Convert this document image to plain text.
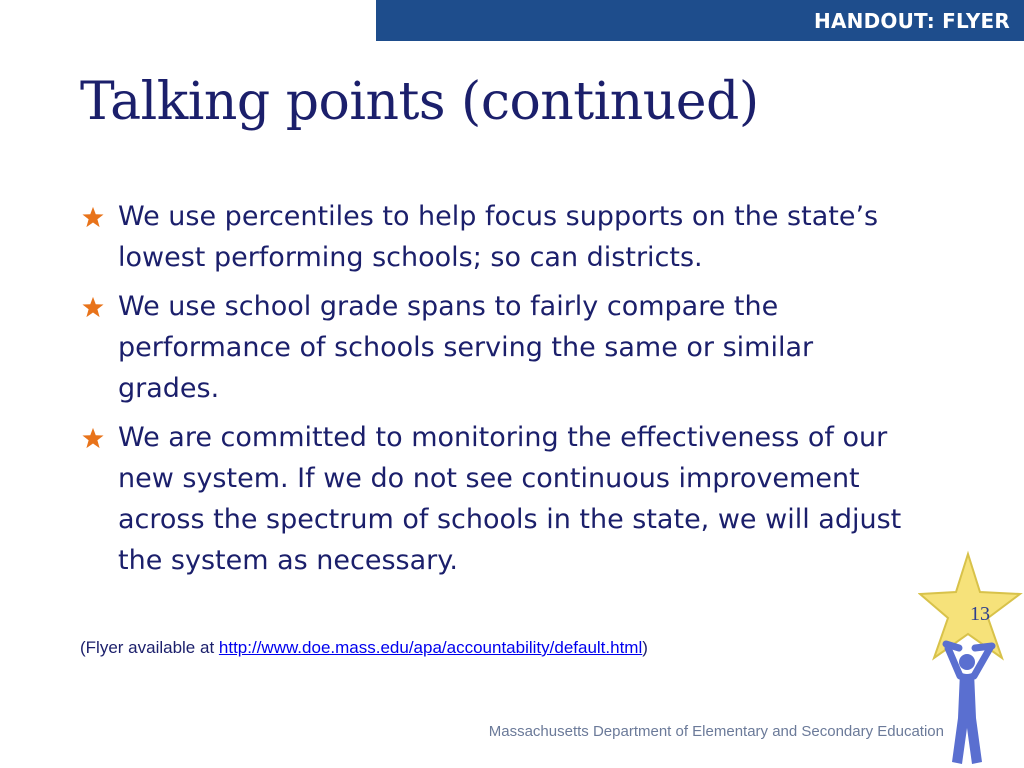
HANDOUT: FLYER
Talking points (continued)
We use percentiles to help focus supports on the state’s lowest performing schools; so can districts.
We use school grade spans to fairly compare the performance of schools serving the same or similar grades.
We are committed to monitoring the effectiveness of our new system. If we do not see continuous improvement across the spectrum of schools in the state, we will adjust the system as necessary.
(Flyer available at http://www.doe.mass.edu/apa/accountability/default.html)
Massachusetts Department of Elementary and Secondary Education
13
